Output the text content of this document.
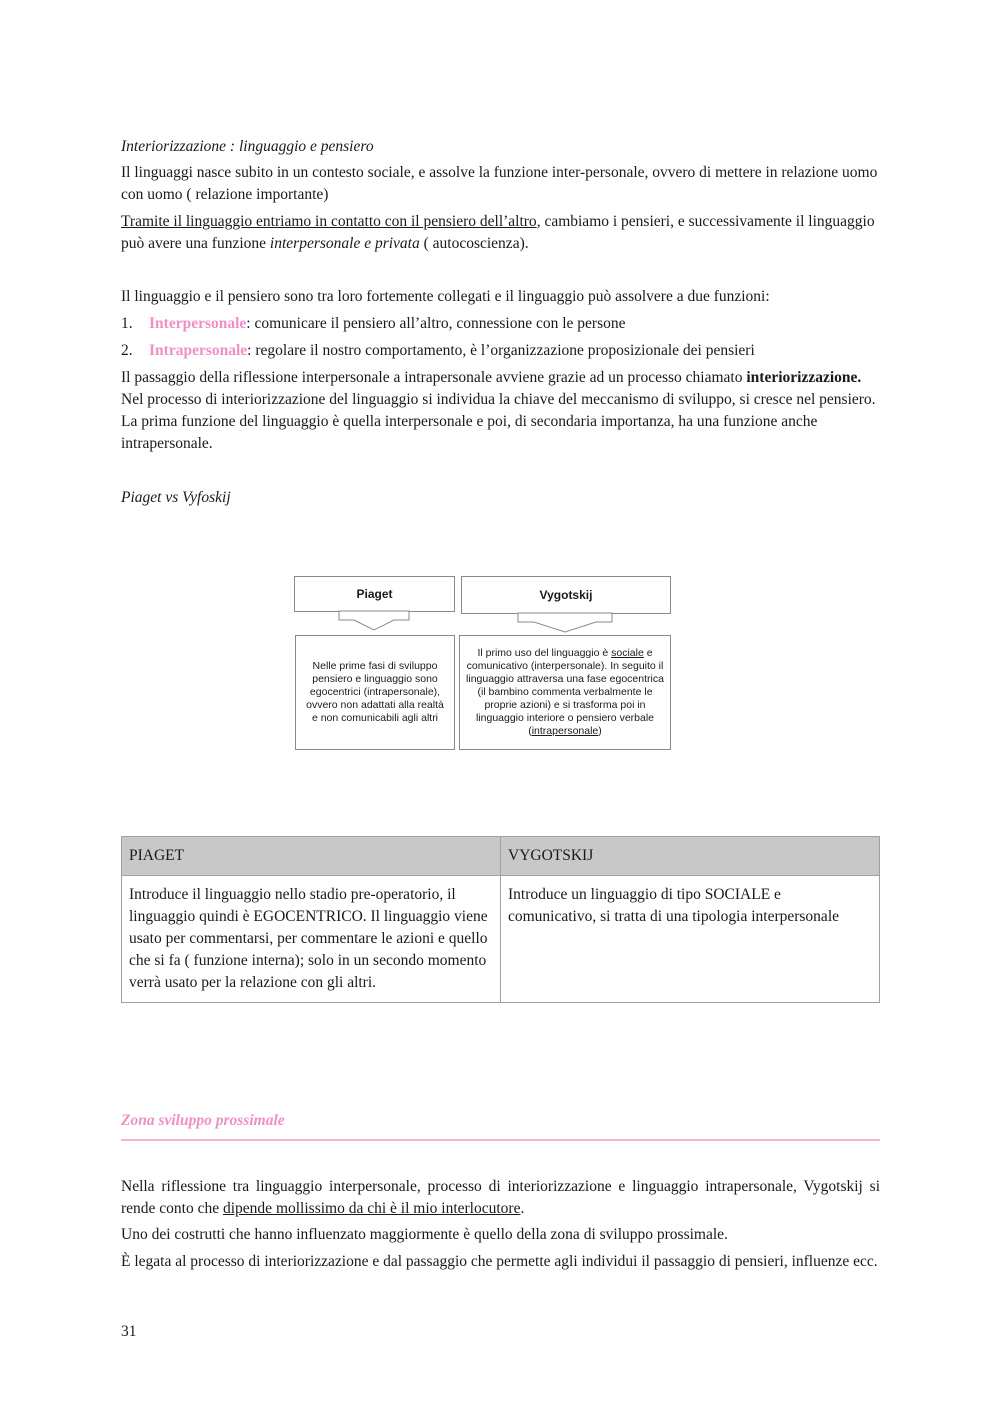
Interiorizzazione : linguaggio e pensiero

Il linguaggi nasce subito in un contesto sociale, e assolve la funzione inter-personale, ovvero di mettere in relazione uomo con uomo ( relazione importante)

Tramite il linguaggio entriamo in contatto con il pensiero dell’altro, cambiamo i pensieri, e successivamente il linguaggio può avere una funzione interpersonale e privata ( autocoscienza).

Il linguaggio e il pensiero sono tra loro fortemente collegati e il linguaggio può assolvere a due funzioni:

1.	Interpersonale: comunicare il pensiero all’altro, connessione con le persone

2.	Intrapersonale: regolare il nostro comportamento, è l’organizzazione proposizionale dei pensieri

Il passaggio della riflessione interpersonale a intrapersonale avviene grazie ad un processo chiamato interiorizzazione. Nel processo di interiorizzazione del linguaggio si individua la chiave del meccanismo di sviluppo, si cresce nel pensiero. La prima funzione del linguaggio è quella interpersonale e poi, di secondaria importanza, ha una funzione anche intrapersonale.

Piaget vs Vyfoskij

Zona sviluppo prossimale

Nella riflessione tra linguaggio interpersonale, processo di interiorizzazione e linguaggio intrapersonale, Vygotskij si rende conto che dipende mollissimo da chi è il mio interlocutore.

Uno dei costrutti che hanno influenzato maggiormente è quello della zona di sviluppo prossimale.

È legata al processo di interiorizzazione e dal passaggio che permette agli individui il passaggio di pensieri, influenze ecc.

31

Piaget	Vygotskij
Nelle prime fasi di sviluppo pensiero e linguaggio sono egocentrici (intrapersonale), ovvero non adattati alla realtà e non comunicabili agli altri
Il primo uso del linguaggio è sociale e comunicativo (interpersonale). In seguito il linguaggio attraversa una fase egocentrica (il bambino commenta verbalmente le proprie azioni) e si trasforma poi in linguaggio interiore o pensiero verbale (intrapersonale)
PIAGET	VYGOTSKIJ
Introduce il linguaggio nello stadio pre-operatorio, il linguaggio quindi è EGOCENTRICO. Il linguaggio viene usato per commentarsi, per commentare le azioni e quello che si fa ( funzione interna); solo in un secondo momento verrà usato per la relazione con gli altri.	Introduce un linguaggio di tipo SOCIALE e comunicativo, si tratta di una tipologia interpersonale
